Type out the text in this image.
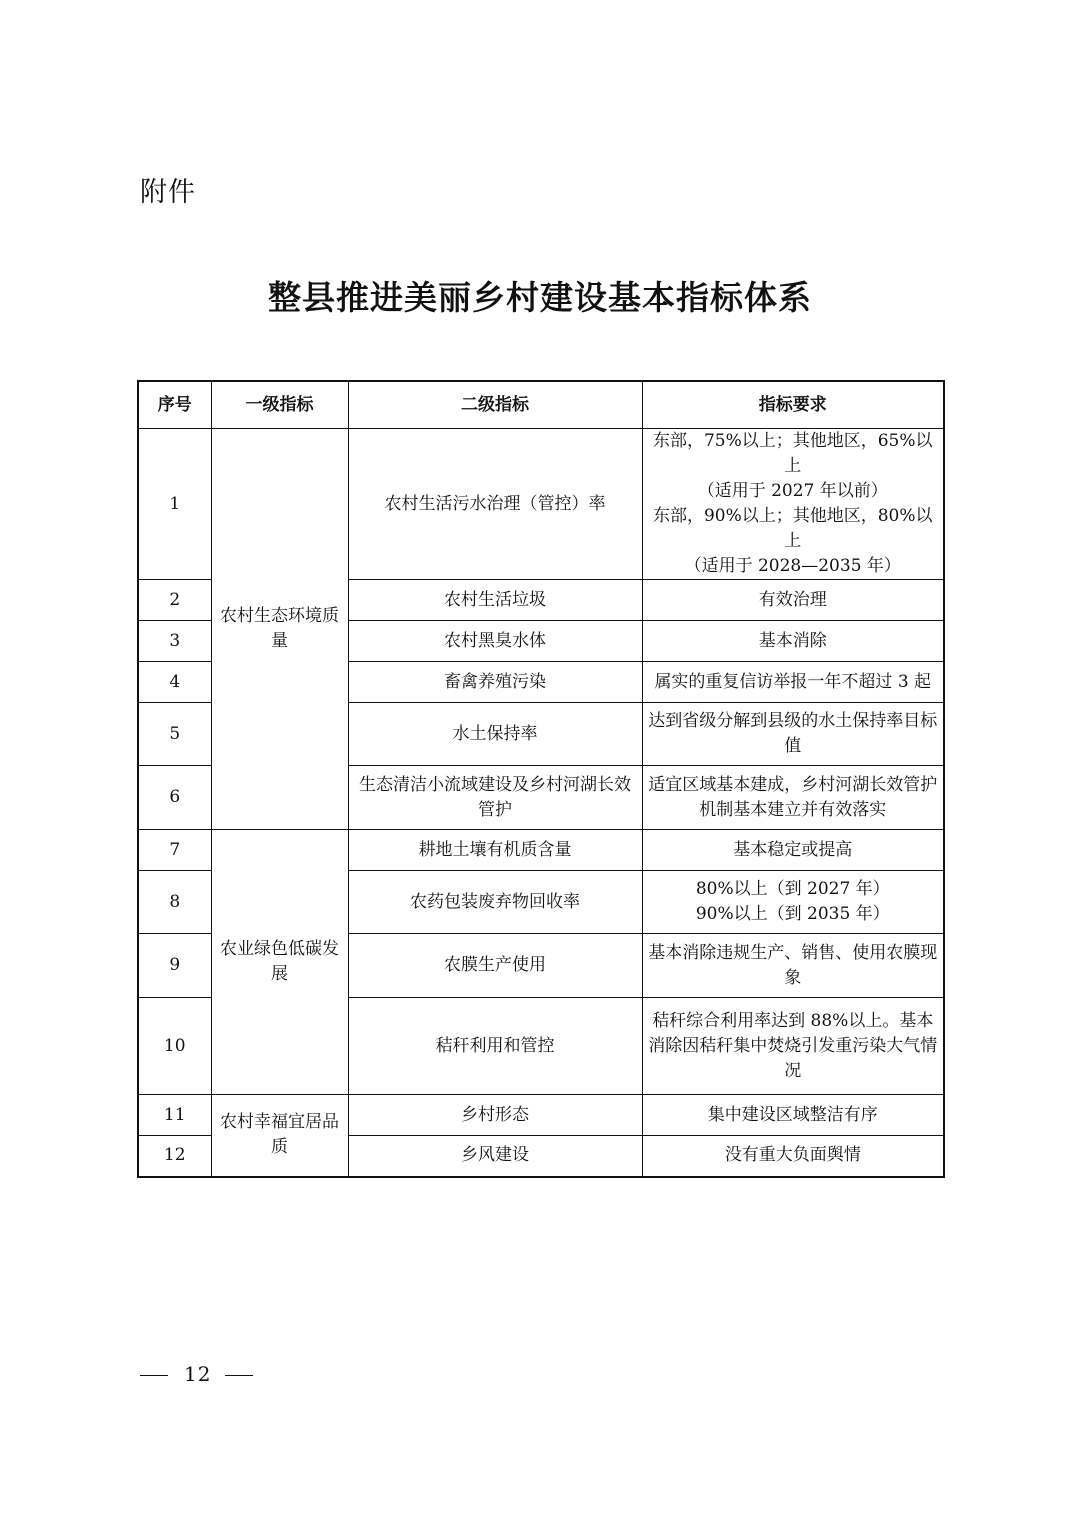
附件
整县推进美丽乡村建设基本指标体系
序号	一级指标	二级指标	指标要求
1	农村生态环境质量	农村生活污水治理（管控）率	东部，75%以上；其他地区，65%以上
（适用于 2027 年以前）
东部，90%以上；其他地区，80%以上
（适用于 2028—2035 年）

2		农村生活垃圾	有效治理
3		农村黑臭水体	基本消除
4		畜禽养殖污染	属实的重复信访举报一年不超过 3 起
5		水土保持率	达到省级分解到县级的水土保持率目标值
6		生态清洁小流域建设及乡村河湖长效管护	适宜区域基本建成，乡村河湖长效管护机制基本建立并有效落实
7	农业绿色低碳发展	耕地土壤有机质含量	基本稳定或提高
8		农药包装废弃物回收率	80%以上（到 2027 年）
90%以上（到 2035 年）

9		农膜生产使用	基本消除违规生产、销售、使用农膜现象
10		秸秆利用和管控	秸秆综合利用率达到 88%以上。基本消除因秸秆集中焚烧引发重污染大气情况
11	农村幸福宜居品质	乡村形态	集中建设区域整洁有序
12		乡风建设	没有重大负面舆情
12
